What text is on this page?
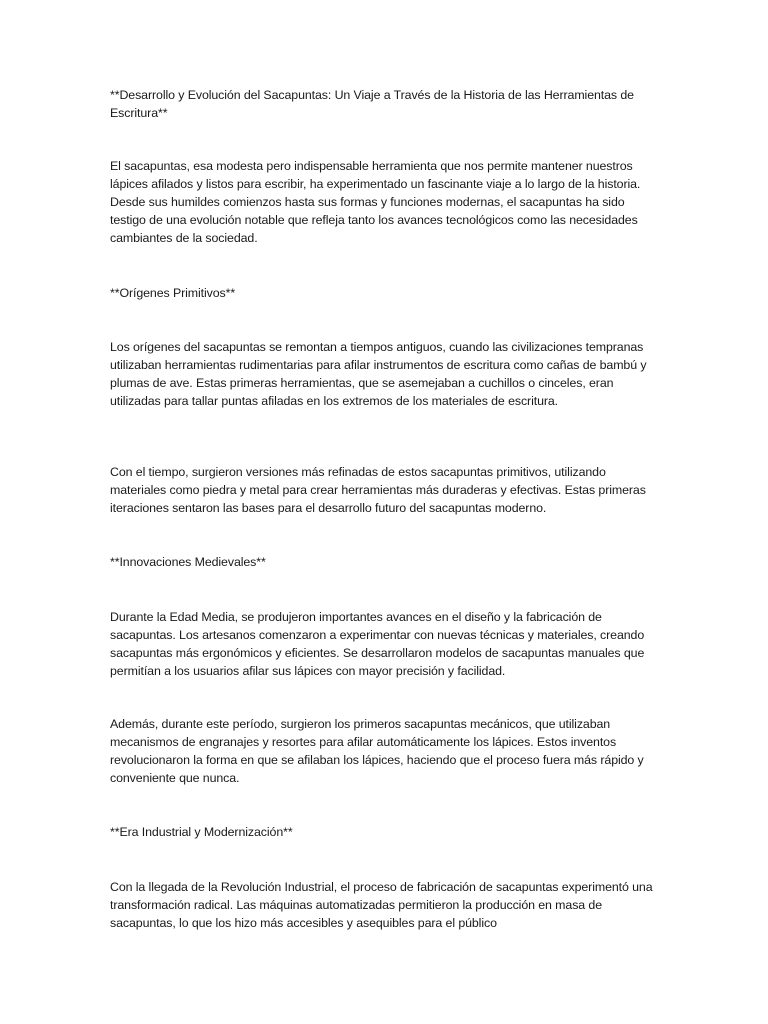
**Desarrollo y Evolución del Sacapuntas: Un Viaje a Través de la Historia de las Herramientas de Escritura**

El sacapuntas, esa modesta pero indispensable herramienta que nos permite mantener nuestros lápices afilados y listos para escribir, ha experimentado un fascinante viaje a lo largo de la historia. Desde sus humildes comienzos hasta sus formas y funciones modernas, el sacapuntas ha sido testigo de una evolución notable que refleja tanto los avances tecnológicos como las necesidades cambiantes de la sociedad.

**Orígenes Primitivos**

Los orígenes del sacapuntas se remontan a tiempos antiguos, cuando las civilizaciones tempranas utilizaban herramientas rudimentarias para afilar instrumentos de escritura como cañas de bambú y plumas de ave. Estas primeras herramientas, que se asemejaban a cuchillos o cinceles, eran utilizadas para tallar puntas afiladas en los extremos de los materiales de escritura.

Con el tiempo, surgieron versiones más refinadas de estos sacapuntas primitivos, utilizando materiales como piedra y metal para crear herramientas más duraderas y efectivas. Estas primeras iteraciones sentaron las bases para el desarrollo futuro del sacapuntas moderno.

**Innovaciones Medievales**

Durante la Edad Media, se produjeron importantes avances en el diseño y la fabricación de sacapuntas. Los artesanos comenzaron a experimentar con nuevas técnicas y materiales, creando sacapuntas más ergonómicos y eficientes. Se desarrollaron modelos de sacapuntas manuales que permitían a los usuarios afilar sus lápices con mayor precisión y facilidad.

Además, durante este período, surgieron los primeros sacapuntas mecánicos, que utilizaban mecanismos de engranajes y resortes para afilar automáticamente los lápices. Estos inventos revolucionaron la forma en que se afilaban los lápices, haciendo que el proceso fuera más rápido y conveniente que nunca.

**Era Industrial y Modernización**

Con la llegada de la Revolución Industrial, el proceso de fabricación de sacapuntas experimentó una transformación radical. Las máquinas automatizadas permitieron la producción en masa de sacapuntas, lo que los hizo más accesibles y asequibles para el público
